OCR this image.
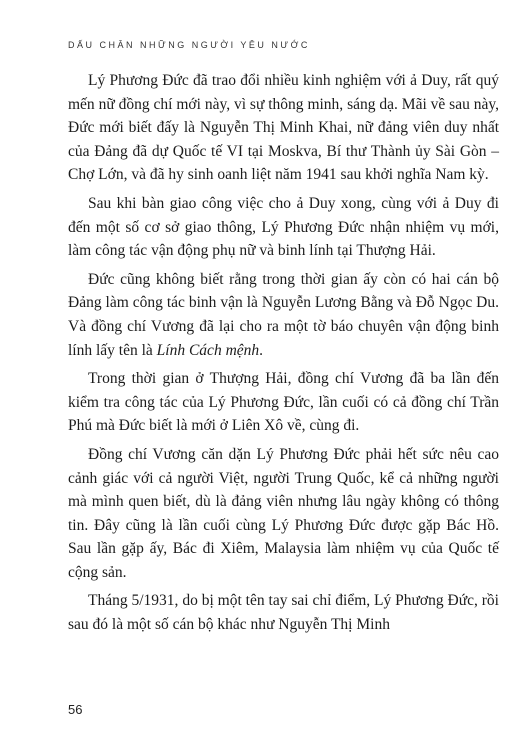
DẤU CHÂN NHỮNG NGƯỜI YÊU NƯỚC

Lý Phương Đức đã trao đổi nhiều kinh nghiệm với ả Duy, rất quý mến nữ đồng chí mới này, vì sự thông minh, sáng dạ. Mãi về sau này, Đức mới biết đấy là Nguyễn Thị Minh Khai, nữ đảng viên duy nhất của Đảng đã dự Quốc tế VI tại Moskva, Bí thư Thành ủy Sài Gòn – Chợ Lớn, và đã hy sinh oanh liệt năm 1941 sau khởi nghĩa Nam kỳ.

Sau khi bàn giao công việc cho ả Duy xong, cùng với ả Duy đi đến một số cơ sở giao thông, Lý Phương Đức nhận nhiệm vụ mới, làm công tác vận động phụ nữ và binh lính tại Thượng Hải.

Đức cũng không biết rằng trong thời gian ấy còn có hai cán bộ Đảng làm công tác binh vận là Nguyễn Lương Bằng và Đỗ Ngọc Du. Và đồng chí Vương đã lại cho ra một tờ báo chuyên vận động binh lính lấy tên là Lính Cách mệnh.

Trong thời gian ở Thượng Hải, đồng chí Vương đã ba lần đến kiểm tra công tác của Lý Phương Đức, lần cuối có cả đồng chí Trần Phú mà Đức biết là mới ở Liên Xô về, cùng đi.

Đồng chí Vương căn dặn Lý Phương Đức phải hết sức nêu cao cảnh giác với cả người Việt, người Trung Quốc, kể cả những người mà mình quen biết, dù là đảng viên nhưng lâu ngày không có thông tin. Đây cũng là lần cuối cùng Lý Phương Đức được gặp Bác Hồ. Sau lần gặp ấy, Bác đi Xiêm, Malaysia làm nhiệm vụ của Quốc tế cộng sản.

Tháng 5/1931, do bị một tên tay sai chỉ điểm, Lý Phương Đức, rồi sau đó là một số cán bộ khác như Nguyễn Thị Minh

56
